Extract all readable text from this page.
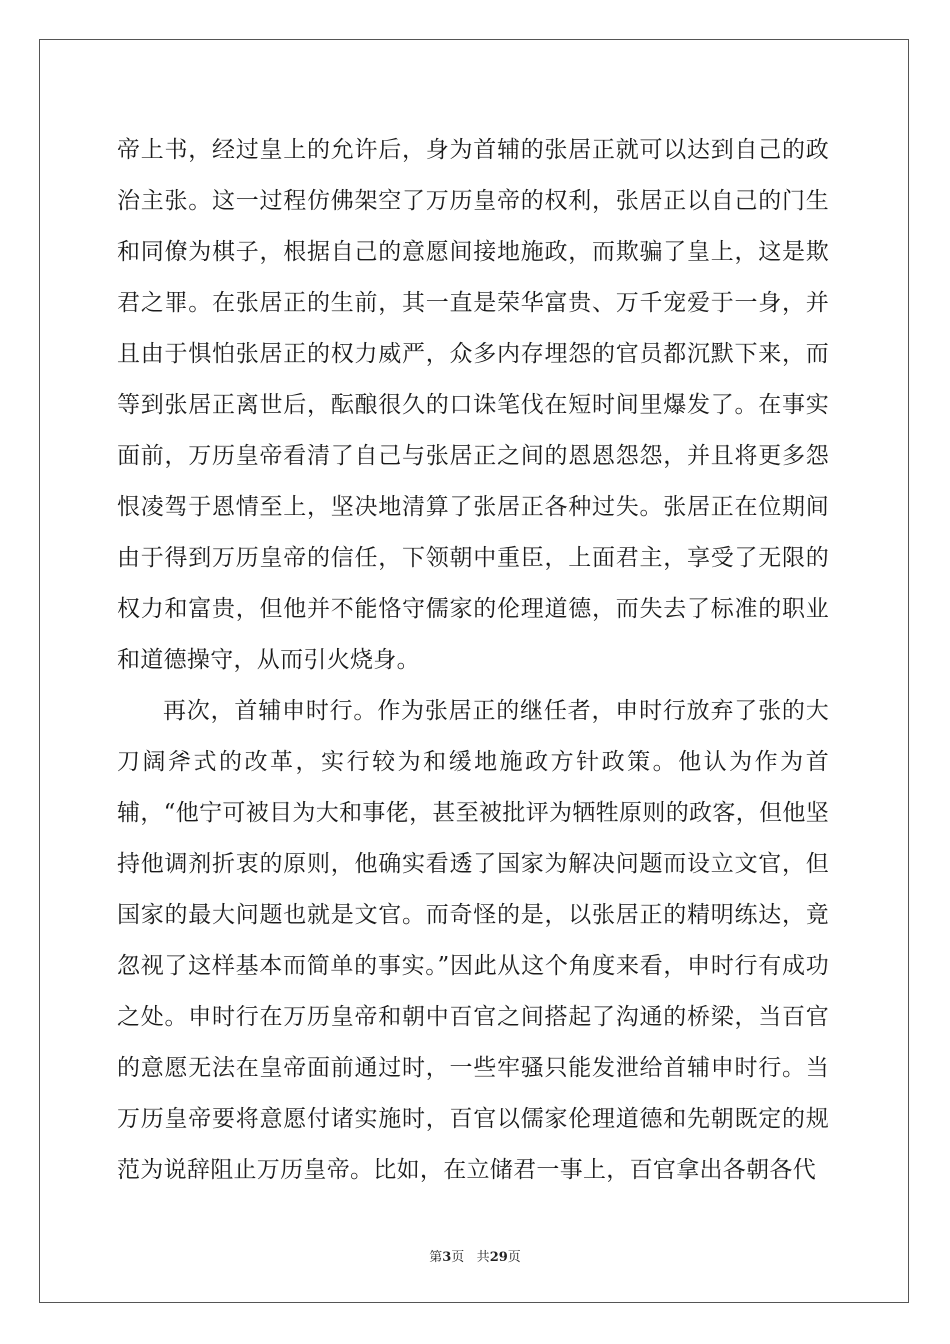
帝上书，经过皇上的允许后，身为首辅的张居正就可以达到自己的政治主张。这一过程仿佛架空了万历皇帝的权利，张居正以自己的门生和同僚为棋子，根据自己的意愿间接地施政，而欺骗了皇上，这是欺君之罪。在张居正的生前，其一直是荣华富贵、万千宠爱于一身，并且由于惧怕张居正的权力威严，众多内存埋怨的官员都沉默下来，而等到张居正离世后，酝酿很久的口诛笔伐在短时间里爆发了。在事实面前，万历皇帝看清了自己与张居正之间的恩恩怨怨，并且将更多怨恨凌驾于恩情至上，坚决地清算了张居正各种过失。张居正在位期间由于得到万历皇帝的信任，下领朝中重臣，上面君主，享受了无限的权力和富贵，但他并不能恪守儒家的伦理道德，而失去了标准的职业和道德操守，从而引火烧身。

再次，首辅申时行。作为张居正的继任者，申时行放弃了张的大刀阔斧式的改革，实行较为和缓地施政方针政策。他认为作为首辅，“他宁可被目为大和事佬，甚至被批评为牺牲原则的政客，但他坚持他调剂折衷的原则，他确实看透了国家为解决问题而设立文官，但国家的最大问题也就是文官。而奇怪的是，以张居正的精明练达，竟忽视了这样基本而简单的事实。”因此从这个角度来看，申时行有成功之处。申时行在万历皇帝和朝中百官之间搭起了沟通的桥梁，当百官的意愿无法在皇帝面前通过时，一些牢骚只能发泄给首辅申时行。当万历皇帝要将意愿付诸实施时，百官以儒家伦理道德和先朝既定的规范为说辞阻止万历皇帝。比如，在立储君一事上，百官拿出各朝各代

第3页 共29页
